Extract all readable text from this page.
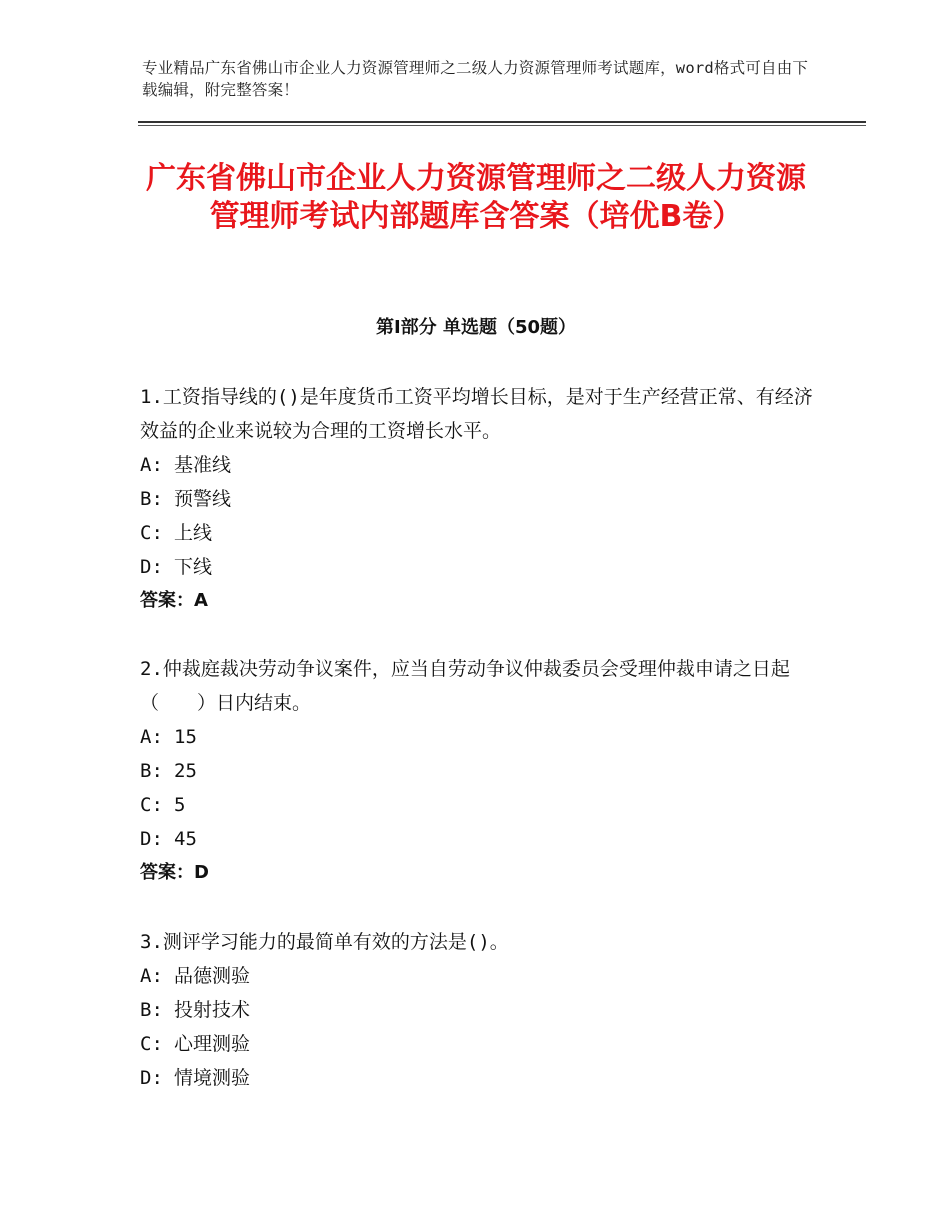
专业精品广东省佛山市企业人力资源管理师之二级人力资源管理师考试题库，word格式可自由下载编辑，附完整答案！
广东省佛山市企业人力资源管理师之二级人力资源管理师考试内部题库含答案（培优B卷）
第Ⅰ部分 单选题（50题）

1.工资指导线的()是年度货币工资平均增长目标，是对于生产经营正常、有经济效益的企业来说较为合理的工资增长水平。

A: 基准线

B: 预警线

C: 上线

D: 下线

答案：A

2.仲裁庭裁决劳动争议案件，应当自劳动争议仲裁委员会受理仲裁申请之日起（　　）日内结束。

A: 15

B: 25

C: 5

D: 45

答案：D

3.测评学习能力的最简单有效的方法是()。

A: 品德测验

B: 投射技术

C: 心理测验

D: 情境测验
